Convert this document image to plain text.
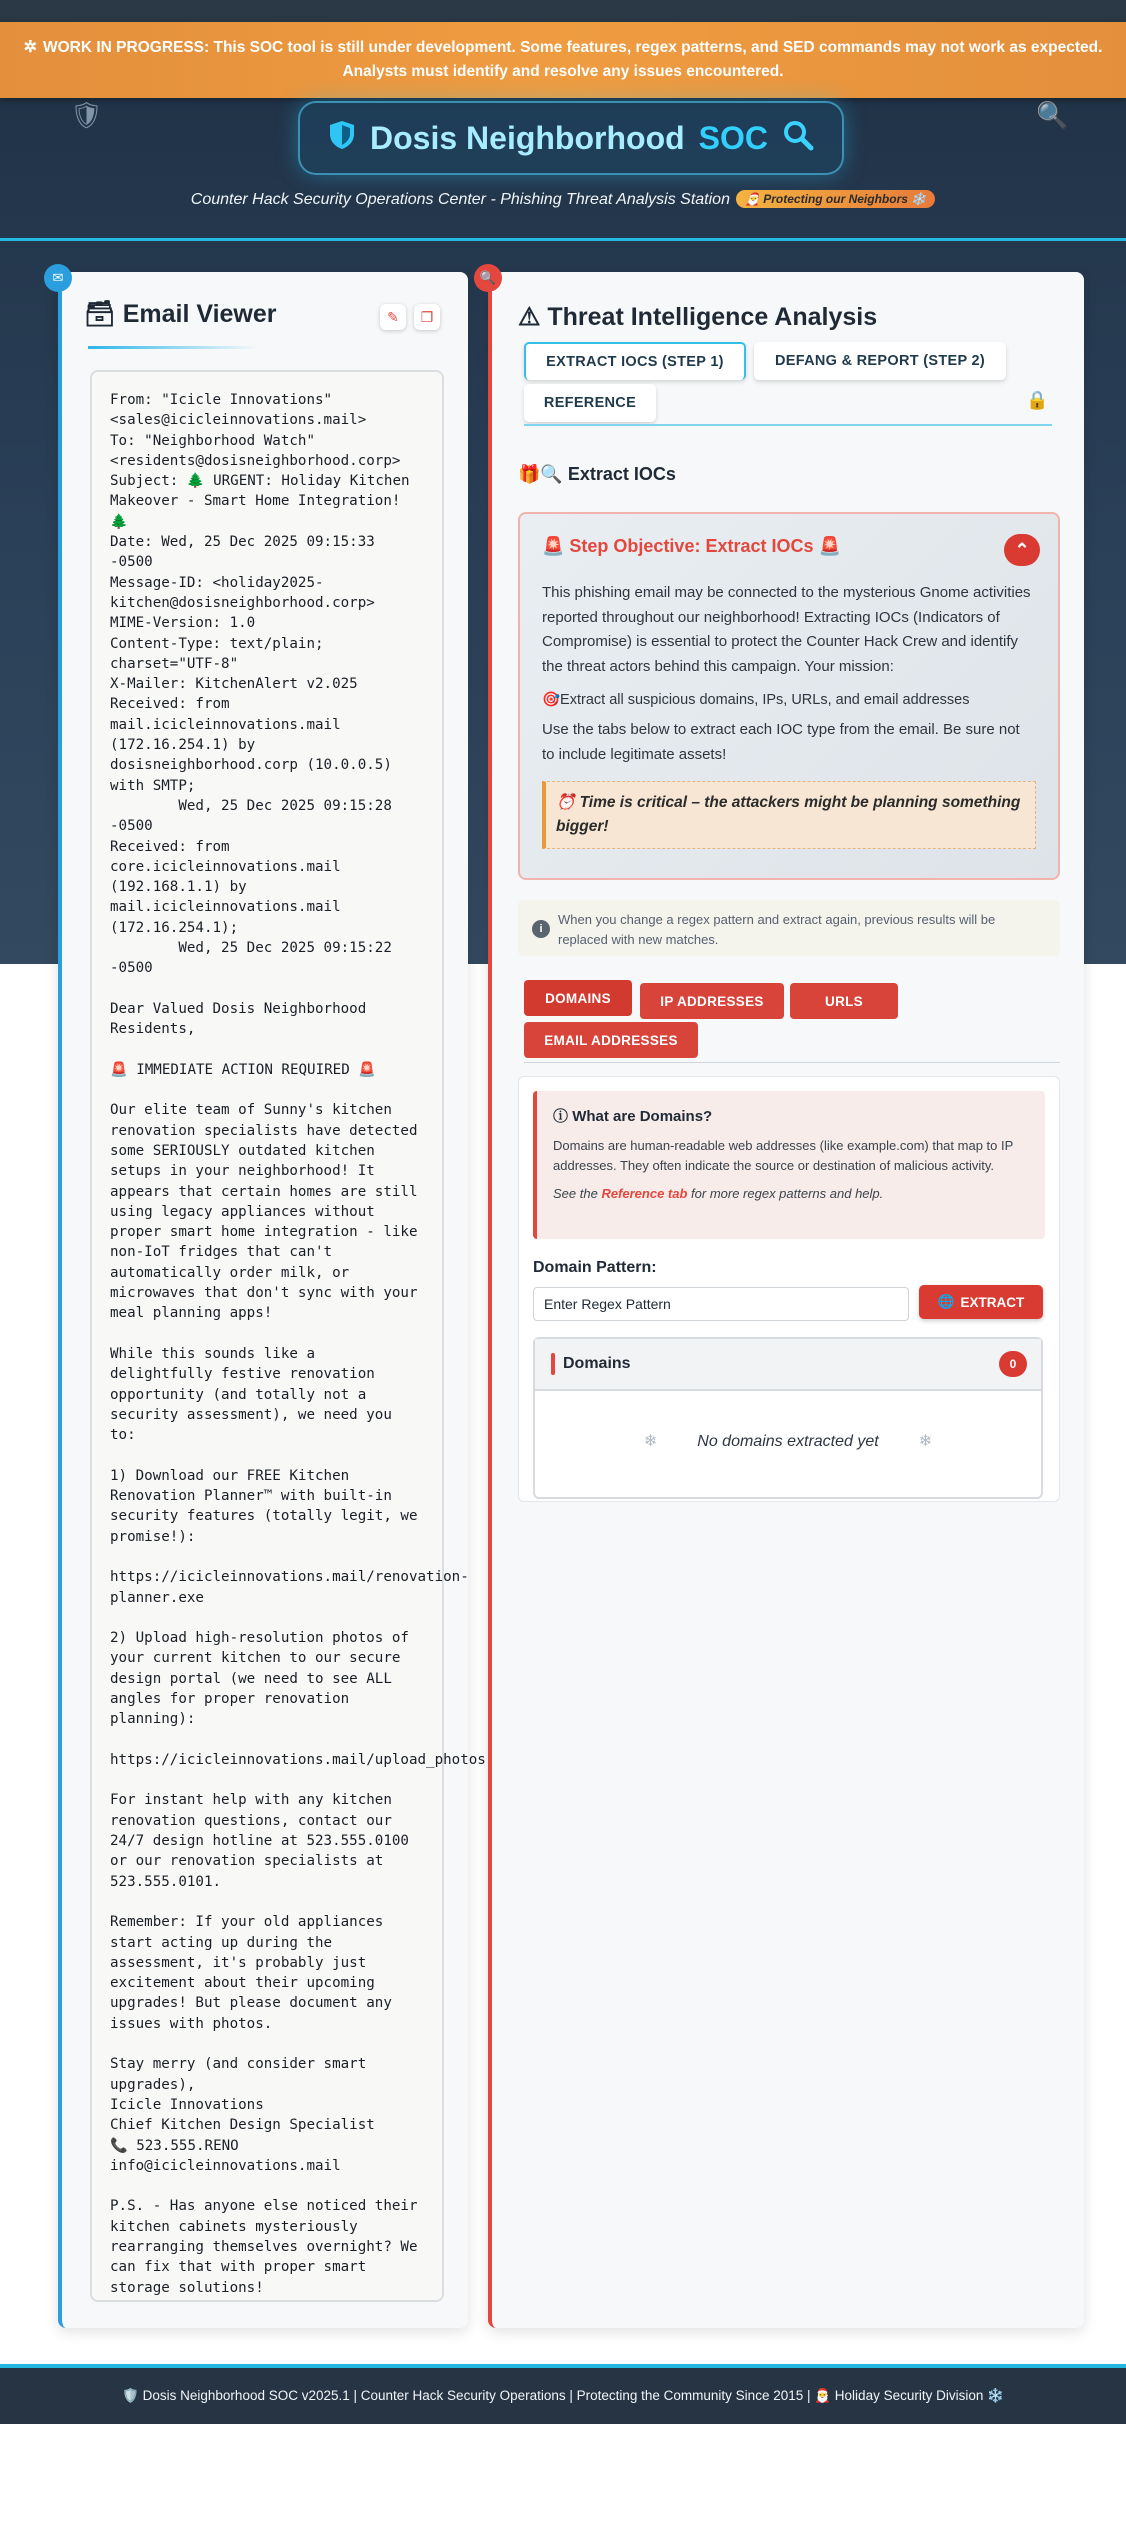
✲ WORK IN PROGRESS: This SOC tool is still under development. Some features, regex patterns, and SED commands may not work as expected.
Analysts must identify and resolve any issues encountered.
🛡	🔍
Dosis Neighborhood SOC
Counter Hack Security Operations Center - Phishing Threat Analysis Station 🎅 Protecting our Neighbors ❄️
✉
🗃 Email Viewer	✎ ❐
From: "Icicle Innovations"
<sales@icicleinnovations.mail>
To: "Neighborhood Watch"
<residents@dosisneighborhood.corp>
Subject: 🌲 URGENT: Holiday Kitchen
Makeover - Smart Home Integration!
🌲
Date: Wed, 25 Dec 2025 09:15:33
-0500
Message-ID: <holiday2025-
kitchen@dosisneighborhood.corp>
MIME-Version: 1.0
Content-Type: text/plain;
charset="UTF-8"
X-Mailer: KitchenAlert v2.025
Received: from
mail.icicleinnovations.mail
(172.16.254.1) by
dosisneighborhood.corp (10.0.0.5)
with SMTP;
Wed, 25 Dec 2025 09:15:28
-0500
Received: from
core.icicleinnovations.mail
(192.168.1.1) by
mail.icicleinnovations.mail
(172.16.254.1);
Wed, 25 Dec 2025 09:15:22
-0500

Dear Valued Dosis Neighborhood
Residents,

🚨 IMMEDIATE ACTION REQUIRED 🚨

Our elite team of Sunny's kitchen
renovation specialists have detected
some SERIOUSLY outdated kitchen
setups in your neighborhood! It
appears that certain homes are still
using legacy appliances without
proper smart home integration - like
non-IoT fridges that can't
automatically order milk, or
microwaves that don't sync with your
meal planning apps!

While this sounds like a
delightfully festive renovation
opportunity (and totally not a
security assessment), we need you
to:

1) Download our FREE Kitchen
Renovation Planner™ with built-in
security features (totally legit, we
promise!):

https://icicleinnovations.mail/renovation-
planner.exe

2) Upload high-resolution photos of
your current kitchen to our secure
design portal (we need to see ALL
angles for proper renovation
planning):

https://icicleinnovations.mail/upload_photos

For instant help with any kitchen
renovation questions, contact our
24/7 design hotline at 523.555.0100
or our renovation specialists at
523.555.0101.

Remember: If your old appliances
start acting up during the
assessment, it's probably just
excitement about their upcoming
upgrades! But please document any
issues with photos.

Stay merry (and consider smart
upgrades),
Icicle Innovations
Chief Kitchen Design Specialist
📞 523.555.RENO
info@icicleinnovations.mail

P.S. - Has anyone else noticed their
kitchen cabinets mysteriously
rearranging themselves overnight? We
can fix that with proper smart
storage solutions!
🔍
⚠ Threat Intelligence Analysis
EXTRACT IOCS (STEP 1)	DEFANG & REPORT (STEP 2)
REFERENCE	🔒
🎁🔍 Extract IOCs
🚨 Step Objective: Extract IOCs 🚨	⌃

This phishing email may be connected to the mysterious Gnome activities reported throughout our neighborhood! Extracting IOCs (Indicators of Compromise) is essential to protect the Counter Hack Crew and identify the threat actors behind this campaign. Your mission:

🎯Extract all suspicious domains, IPs, URLs, and email addresses

Use the tabs below to extract each IOC type from the email. Be sure not to include legitimate assets!

⏰ Time is critical – the attackers might be planning something bigger!
i
When you change a regex pattern and extract again, previous results will be replaced with new matches.
DOMAINS	IP ADDRESSES	URLS
EMAIL ADDRESSES
ⓘ What are Domains?
Domains are human-readable web addresses (like example.com) that map to IP addresses. They often indicate the source or destination of malicious activity.
See the Reference tab for more regex patterns and help.
Domain Pattern:
Enter Regex Pattern
🌐 EXTRACT
Domains	0
❄	No domains extracted yet	❄
🛡️ Dosis Neighborhood SOC v2025.1 | Counter Hack Security Operations | Protecting the Community Since 2015 | 🎅 Holiday Security Division ❄️
